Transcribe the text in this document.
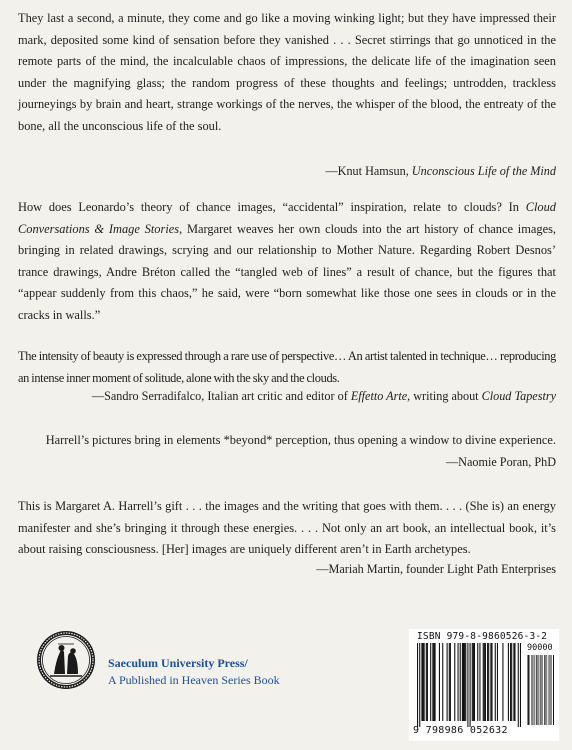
They last a second, a minute, they come and go like a moving winking light; but they have impressed their mark, deposited some kind of sensation before they vanished . . . Secret stirrings that go unnoticed in the remote parts of the mind, the incalculable chaos of impressions, the delicate life of the imagination seen under the magnifying glass; the random progress of these thoughts and feelings; untrodden, trackless journeyings by brain and heart, strange workings of the nerves, the whisper of the blood, the entreaty of the bone, all the unconscious life of the soul.

—Knut Hamsun, Unconscious Life of the Mind

How does Leonardo’s theory of chance images, “accidental” inspiration, relate to clouds? In Cloud Conversations & Image Stories, Margaret weaves her own clouds into the art history of chance images, bringing in related drawings, scrying and our relationship to Mother Nature. Regarding Robert Desnos’ trance drawings, Andre Bréton called the “tangled web of lines” a result of chance, but the figures that “appear suddenly from this chaos,” he said, were “born somewhat like those one sees in clouds or in the cracks in walls.”

The intensity of beauty is expressed through a rare use of perspective… An artist talented in technique… reproducing an intense inner moment of solitude, alone with the sky and the clouds.

—Sandro Serradifalco, Italian art critic and editor of Effetto Arte, writing about Cloud Tapestry

Harrell’s pictures bring in elements *beyond* perception, thus opening a window to divine experience.

—Naomie Poran, PhD

This is Margaret A. Harrell’s gift . . . the images and the writing that goes with them. . . . (She is) an energy manifester and she’s bringing it through these energies. . . . Not only an art book, an intellectual book, it’s about raising consciousness. [Her] images are uniquely different aren’t in Earth archetypes.

—Mariah Martin, founder Light Path Enterprises

Saeculum University Press/
A Published in Heaven Series Book
ISBN 979-8-9860526-3-2
90000
9 798986 052632
